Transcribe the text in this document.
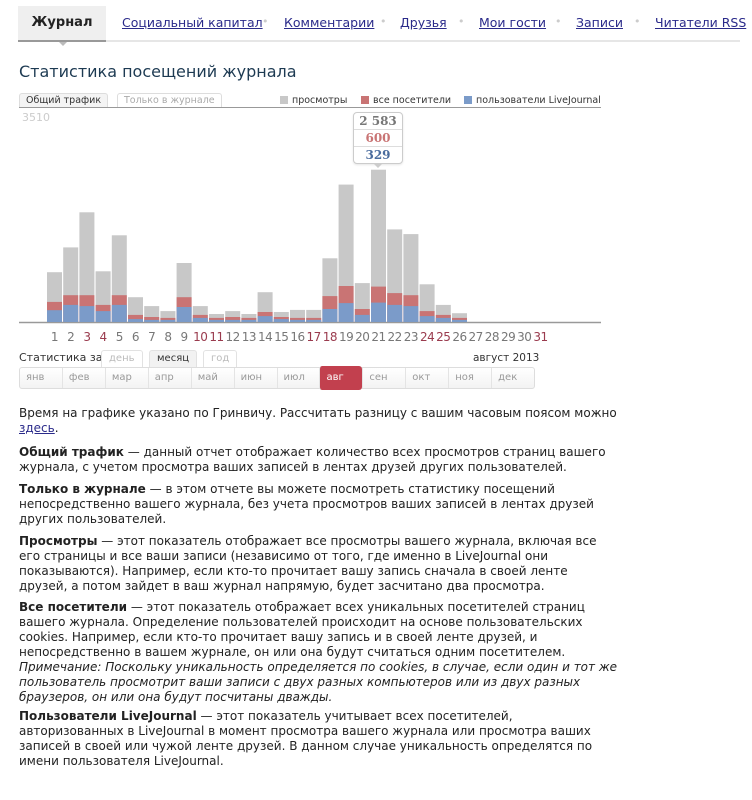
Журнал	Социальный капитал • Комментарии • Друзья • Мои гости • Записи • Читатели RSS
Статистика посещений журнала
Общий трафик	Только в журнале	просмотры	все посетители	пользователи LiveJournal
3510
1 2 3 4 5 6 7 8 9 10 11 12 13 14 15 16 17 18 19 20 21 22 23 24 25 26 27 28 29 30 31
2 583
600
329
Статистика за день	месяц	год	август 2013
янв	фев	мар	апр	май	июн	июл	авг	сен	окт	ноя	дек

Время на графике указано по Гринвичу. Рассчитать разницу с вашим часовым поясом можно здесь.

Общий трафик — данный отчет отображает количество всех просмотров страниц вашего журнала, с учетом просмотра ваших записей в лентах друзей других пользователей.

Только в журнале — в этом отчете вы можете посмотреть статистику посещений непосредственно вашего журнала, без учета просмотров ваших записей в лентах друзей других пользователей.

Просмотры — этот показатель отображает все просмотры вашего журнала, включая все его страницы и все ваши записи (независимо от того, где именно в LiveJournal они показываются). Например, если кто-то прочитает вашу запись сначала в своей ленте друзей, а потом зайдет в ваш журнал напрямую, будет засчитано два просмотра.

Все посетители — этот показатель отображает всех уникальных посетителей страниц вашего журнала. Определение пользователей происходит на основе пользовательских cookies. Например, если кто-то прочитает вашу запись и в своей ленте друзей, и непосредственно в вашем журнале, он или она будут считаться одним посетителем.

Примечание: Поскольку уникальность определяется по cookies, в случае, если один и тот же пользователь просмотрит ваши записи с двух разных компьютеров или из двух разных браузеров, он или она будут посчитаны дважды.

Пользователи LiveJournal — этот показатель учитывает всех посетителей, авторизованных в LiveJournal в момент просмотра вашего журнала или просмотра ваших записей в своей или чужой ленте друзей. В данном случае уникальность определятся по имени пользователя LiveJournal.
